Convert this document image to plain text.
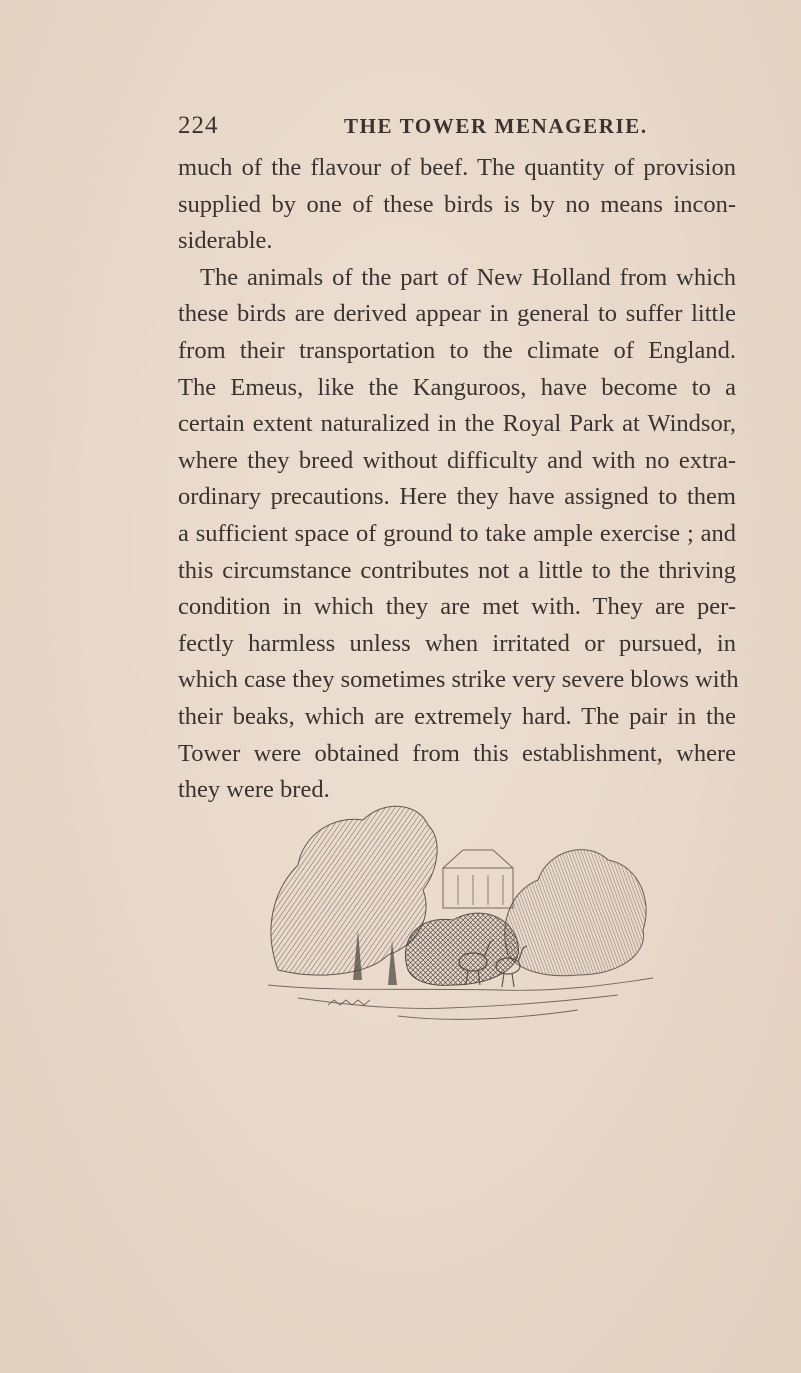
224	THE TOWER MENAGERIE.
much of the flavour of beef. The quantity of provision
supplied by one of these birds is by no means incon-
siderable.
The animals of the part of New Holland from which
these birds are derived appear in general to suffer little
from their transportation to the climate of England.
The Emeus, like the Kanguroos, have become to a
certain extent naturalized in the Royal Park at Windsor,
where they breed without difficulty and with no extra-
ordinary precautions. Here they have assigned to them
a sufficient space of ground to take ample exercise ; and
this circumstance contributes not a little to the thriving
condition in which they are met with. They are per-
fectly harmless unless when irritated or pursued, in
which case they sometimes strike very severe blows with
their beaks, which are extremely hard. The pair in the
Tower were obtained from this establishment, where
they were bred.
